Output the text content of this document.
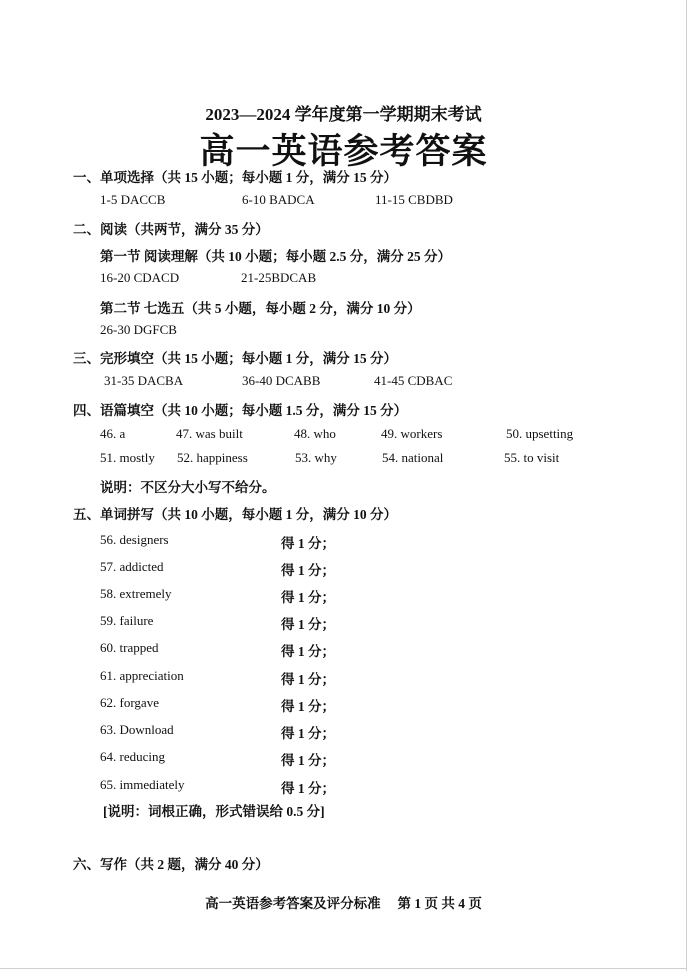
2023—2024 学年度第一学期期末考试
高一英语参考答案
一、单项选择（共 15 小题；每小题 1 分，满分 15 分）
1-5 DACCB	6-10 BADCA	11-15 CBDBD
二、阅读（共两节，满分 35 分）
第一节 阅读理解（共 10 小题；每小题 2.5 分，满分 25 分）
16-20 CDACD	21-25BDCAB
第二节 七选五（共 5 小题，每小题 2 分，满分 10 分）
26-30 DGFCB
三、完形填空（共 15 小题；每小题 1 分，满分 15 分）
31-35 DACBA	36-40 DCABB	41-45 CDBAC
四、语篇填空（共 10 小题；每小题 1.5 分，满分 15 分）
46. a	47. was built	48. who	49. workers	50. upsetting
51. mostly 52. happiness	53. why	54. national	55. to visit
说明：不区分大小写不给分。
五、单词拼写（共 10 小题，每小题 1 分，满分 10 分）
56. designers	得 1 分；
57. addicted	得 1 分；
58. extremely	得 1 分；
59. failure	得 1 分；
60. trapped	得 1 分；
61. appreciation	得 1 分；
62. forgave	得 1 分；
63. Download	得 1 分；
64. reducing	得 1 分；
65. immediately	得 1 分；
[说明：词根正确，形式错误给 0.5 分]
六、写作（共 2 题，满分 40 分）
高一英语参考答案及评分标准　 第 1 页 共 4 页
